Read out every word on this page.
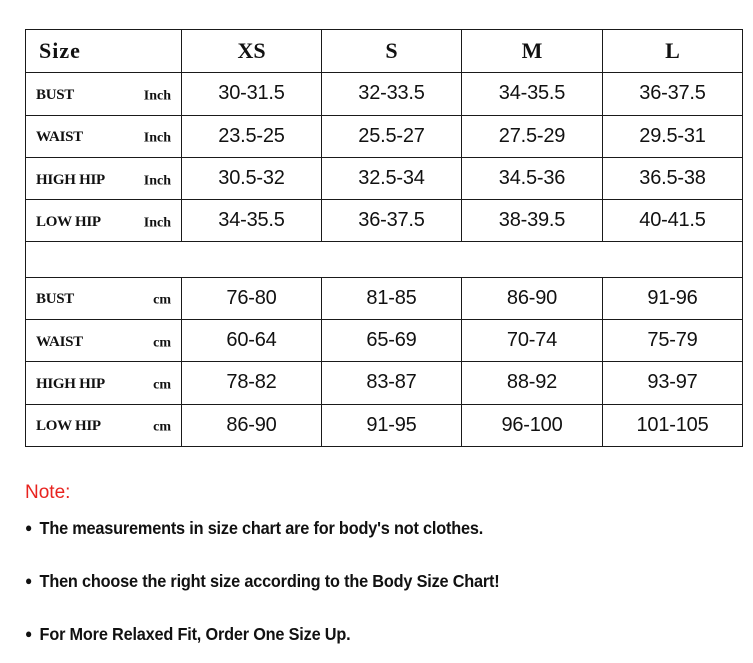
Size	XS	S	M	L

BUST Inch	30-31.5	32-33.5	34-35.5	36-37.5

WAIST Inch	23.5-25	25.5-27	27.5-29	29.5-31

HIGH HIP Inch	30.5-32	32.5-34	34.5-36	36.5-38

LOW HIP Inch	34-35.5	36-37.5	38-39.5	40-41.5

BUST cm	76-80	81-85	86-90	91-96

WAIST cm	60-64	65-69	70-74	75-79

HIGH HIP cm	78-82	83-87	88-92	93-97

LOW HIP cm	86-90	91-95	96-100	101-105

Note:

● The measurements in size chart are for body's not clothes.
● Then choose the right size according to the Body Size Chart!
● For More Relaxed Fit, Order One Size Up.
